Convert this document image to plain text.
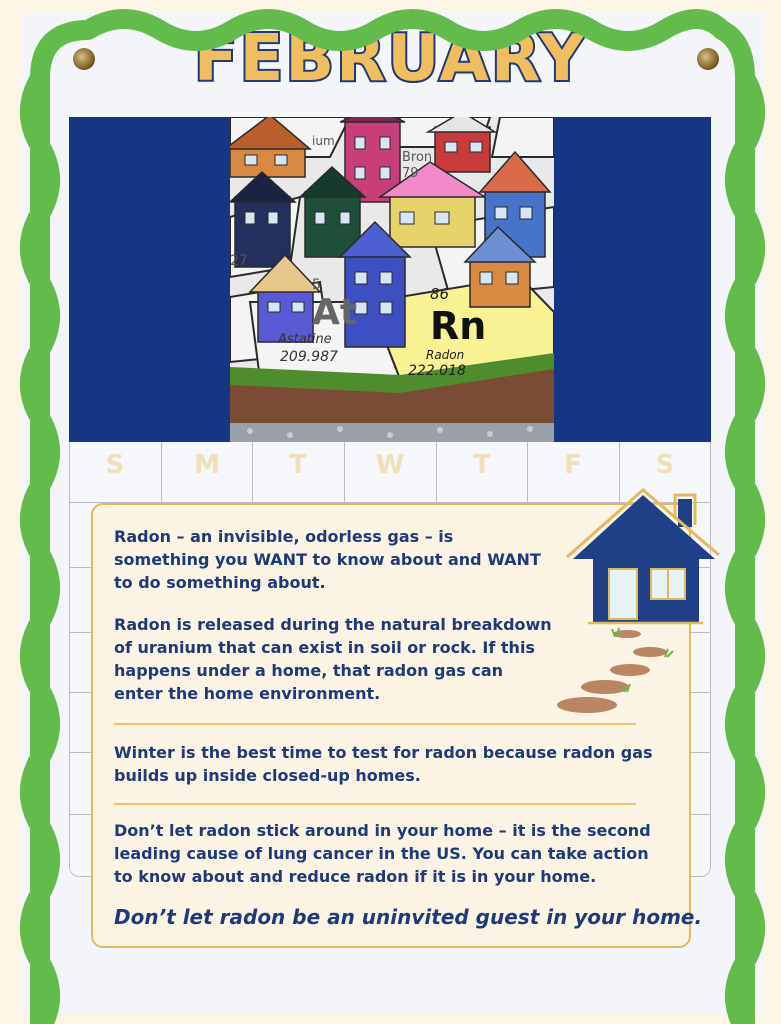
FEBRUARY
86
Rn
Radon
222.018
At
Astatine
209.987
Bron
79
ium
27
5
S	M	T	W	T	F	S
Radon – an invisible, odorless gas – is something you WANT to know about and WANT to do something about.
Radon is released during the natural breakdown of uranium that can exist in soil or rock. If this happens under a home, that radon gas can enter the home environment.
Winter is the best time to test for radon because radon gas builds up inside closed-up homes.
Don’t let radon stick around in your home – it is the second leading cause of lung cancer in the US. You can take action to know about and reduce radon if it is in your home.
Don’t let radon be an uninvited guest in your home.
